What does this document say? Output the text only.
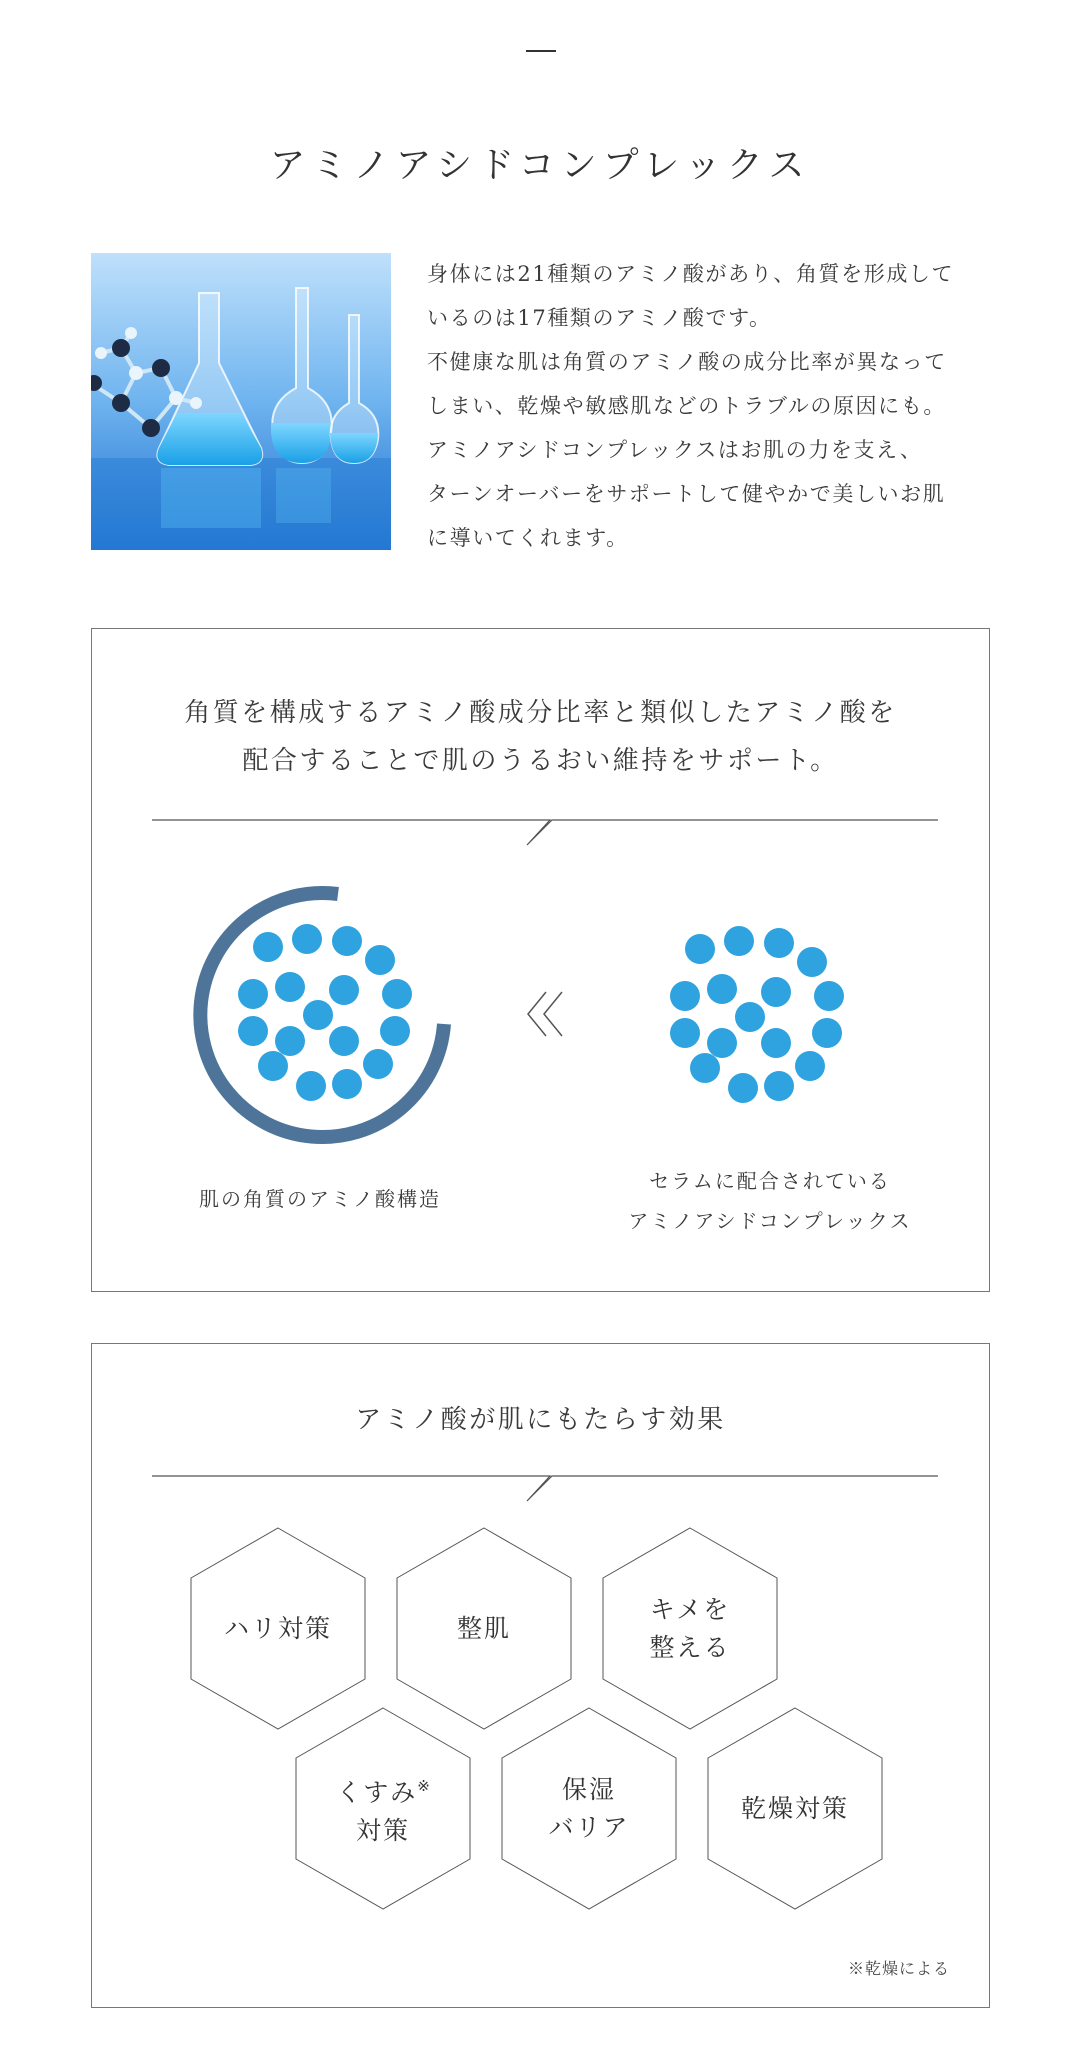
アミノアシドコンプレックス

身体には21種類のアミノ酸があり、角質を形成して

いるのは17種類のアミノ酸です。

不健康な肌は角質のアミノ酸の成分比率が異なって

しまい、乾燥や敏感肌などのトラブルの原因にも。

アミノアシドコンプレックスはお肌の力を支え、

ターンオーバーをサポートして健やかで美しいお肌

に導いてくれます。

角質を構成するアミノ酸成分比率と類似したアミノ酸を

配合することで肌のうるおい維持をサポート。

肌の角質のアミノ酸構造

セラムに配合されている

アミノアシドコンプレックス

アミノ酸が肌にもたらす効果

ハリ対策	整肌

キメを

整える

くすみ※

対策

保湿

バリア

乾燥対策

※乾燥による
